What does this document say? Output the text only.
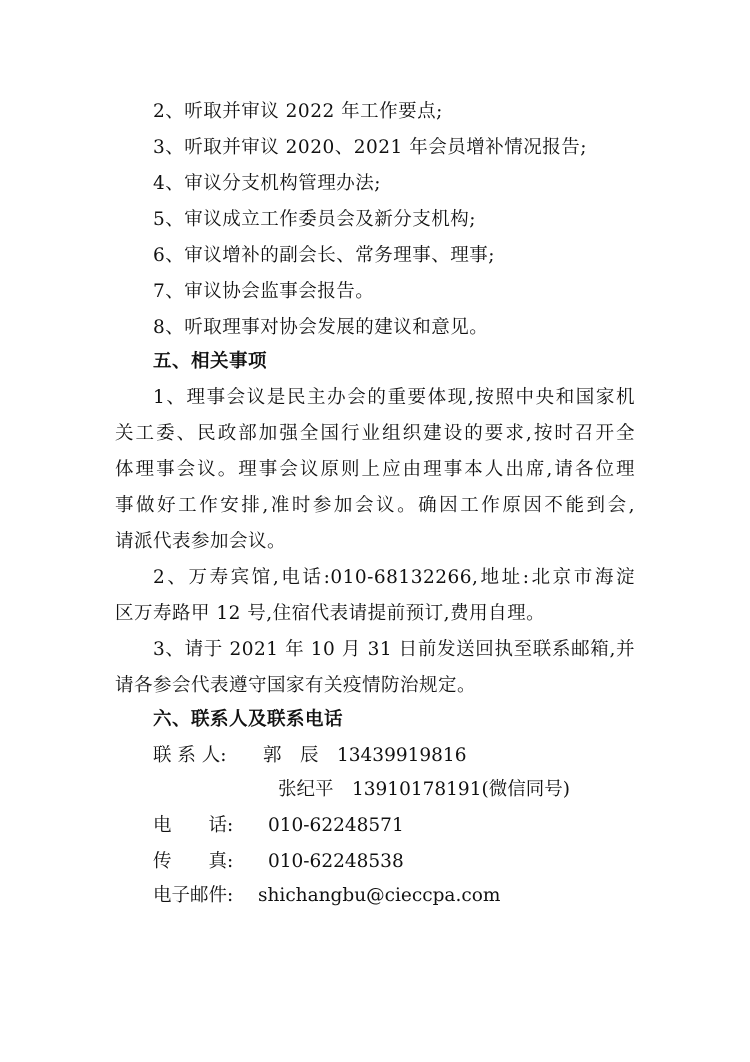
2、听取并审议 2022 年工作要点;
3、听取并审议 2020、2021 年会员增补情况报告;
4、审议分支机构管理办法;
5、审议成立工作委员会及新分支机构;
6、审议增补的副会长、常务理事、理事;
7、审议协会监事会报告。
8、听取理事对协会发展的建议和意见。
五、相关事项
1、理事会议是民主办会的重要体现,按照中央和国家机
关工委、民政部加强全国行业组织建设的要求,按时召开全
体理事会议。理事会议原则上应由理事本人出席,请各位理
事做好工作安排,准时参加会议。确因工作原因不能到会,
请派代表参加会议。
2、万寿宾馆,电话:010-68132266,地址:北京市海淀
区万寿路甲 12 号,住宿代表请提前预订,费用自理。
3、请于 2021 年 10 月 31 日前发送回执至联系邮箱,并
请各参会代表遵守国家有关疫情防治规定。
六、联系人及联系电话
联 系 人: 郭　辰　13439919816
张纪平　13910178191(微信同号)
电　　话: 010-62248571
传　　真: 010-62248538
电子邮件: shichangbu@cieccpa.com
